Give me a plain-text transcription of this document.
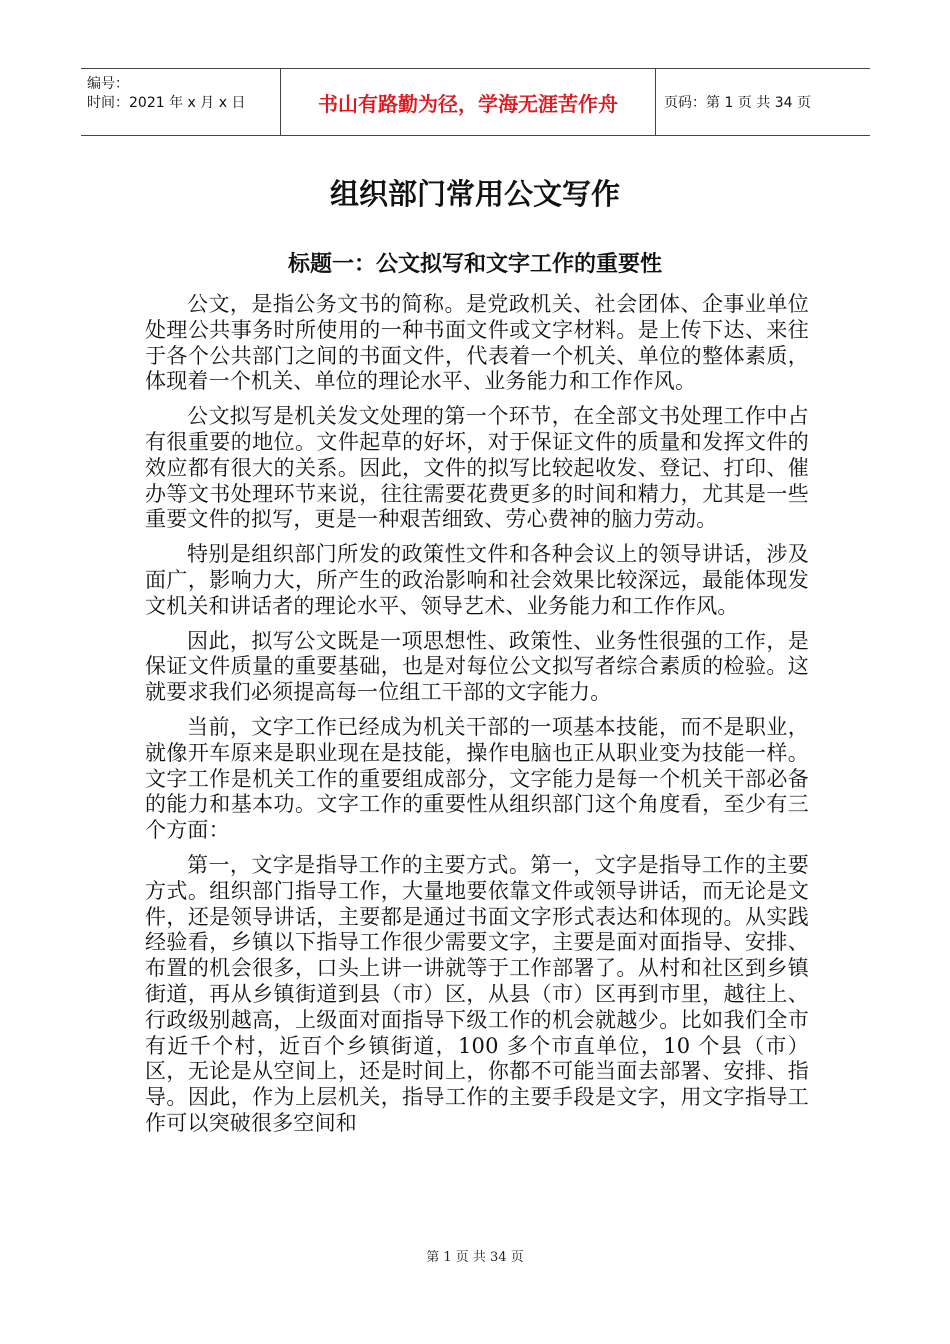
编号：
时间：2021 年 x 月 x 日	书山有路勤为径，学海无涯苦作舟	页码：第 1 页 共 34 页
组织部门常用公文写作
标题一：公文拟写和文字工作的重要性

公文，是指公务文书的简称。是党政机关、社会团体、企事业单位处理公共事务时所使用的一种书面文件或文字材料。是上传下达、来往于各个公共部门之间的书面文件，代表着一个机关、单位的整体素质，体现着一个机关、单位的理论水平、业务能力和工作作风。

公文拟写是机关发文处理的第一个环节，在全部文书处理工作中占有很重要的地位。文件起草的好坏，对于保证文件的质量和发挥文件的效应都有很大的关系。因此，文件的拟写比较起收发、登记、打印、催办等文书处理环节来说，往往需要花费更多的时间和精力，尤其是一些重要文件的拟写，更是一种艰苦细致、劳心费神的脑力劳动。

特别是组织部门所发的政策性文件和各种会议上的领导讲话，涉及面广，影响力大，所产生的政治影响和社会效果比较深远，最能体现发文机关和讲话者的理论水平、领导艺术、业务能力和工作作风。

因此，拟写公文既是一项思想性、政策性、业务性很强的工作，是保证文件质量的重要基础，也是对每位公文拟写者综合素质的检验。这就要求我们必须提高每一位组工干部的文字能力。

当前，文字工作已经成为机关干部的一项基本技能，而不是职业，就像开车原来是职业现在是技能，操作电脑也正从职业变为技能一样。文字工作是机关工作的重要组成部分，文字能力是每一个机关干部必备的能力和基本功。文字工作的重要性从组织部门这个角度看，至少有三个方面：

第一，文字是指导工作的主要方式。第一，文字是指导工作的主要方式。组织部门指导工作，大量地要依靠文件或领导讲话，而无论是文件，还是领导讲话，主要都是通过书面文字形式表达和体现的。从实践经验看，乡镇以下指导工作很少需要文字，主要是面对面指导、安排、布置的机会很多，口头上讲一讲就等于工作部署了。从村和社区到乡镇街道，再从乡镇街道到县（市）区，从县（市）区再到市里，越往上、行政级别越高，上级面对面指导下级工作的机会就越少。比如我们全市有近千个村，近百个乡镇街道，100 多个市直单位，10 个县（市）区，无论是从空间上，还是时间上，你都不可能当面去部署、安排、指导。因此，作为上层机关，指导工作的主要手段是文字，用文字指导工作可以突破很多空间和

第 1 页 共 34 页
